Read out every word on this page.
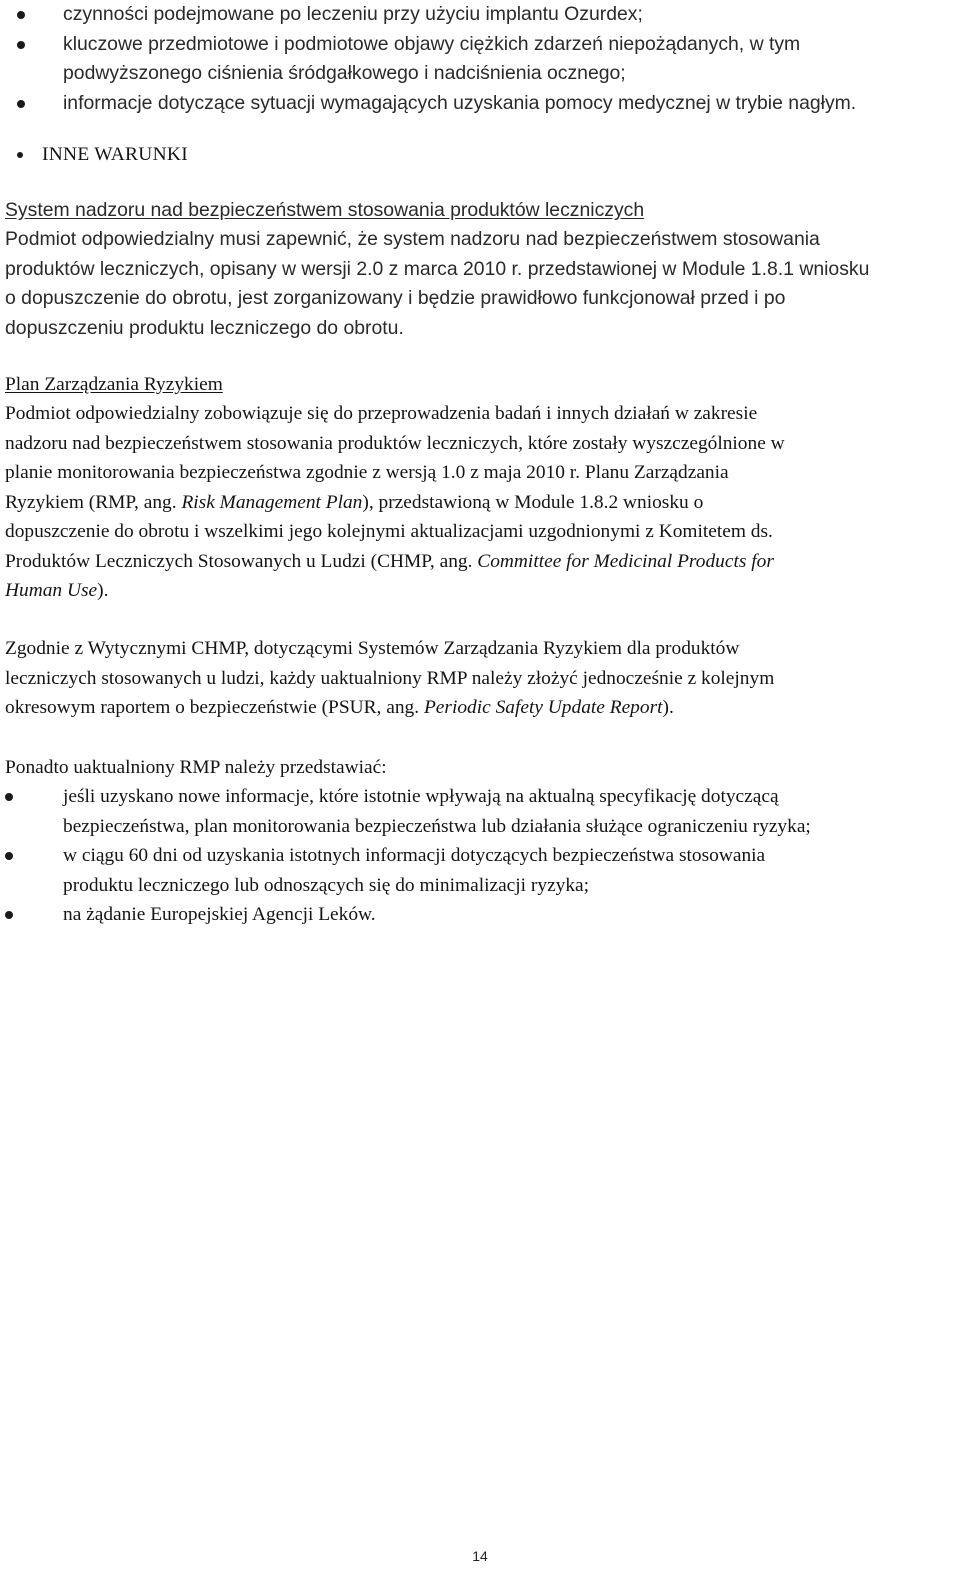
czynności podejmowane po leczeniu przy użyciu implantu Ozurdex;
kluczowe przedmiotowe i podmiotowe objawy ciężkich zdarzeń niepożądanych, w tym
podwyższonego ciśnienia śródgałkowego i nadciśnienia ocznego;
informacje dotyczące sytuacji wymagających uzyskania pomocy medycznej w trybie nagłym.
INNE WARUNKI

System nadzoru nad bezpieczeństwem stosowania produktów leczniczych

Podmiot odpowiedzialny musi zapewnić, że system nadzoru nad bezpieczeństwem stosowania
produktów leczniczych, opisany w wersji 2.0 z marca 2010 r. przedstawionej w Module 1.8.1 wniosku
o dopuszczenie do obrotu, jest zorganizowany i będzie prawidłowo funkcjonował przed i po
dopuszczeniu produktu leczniczego do obrotu.

Plan Zarządzania Ryzykiem

Podmiot odpowiedzialny zobowiązuje się do przeprowadzenia badań i innych działań w zakresie
nadzoru nad bezpieczeństwem stosowania produktów leczniczych, które zostały wyszczególnione w
planie monitorowania bezpieczeństwa zgodnie z wersją 1.0 z maja 2010 r. Planu Zarządzania
Ryzykiem (RMP, ang. Risk Management Plan), przedstawioną w Module 1.8.2 wniosku o
dopuszczenie do obrotu i wszelkimi jego kolejnymi aktualizacjami uzgodnionymi z Komitetem ds.
Produktów Leczniczych Stosowanych u Ludzi (CHMP, ang. Committee for Medicinal Products for
Human Use).
Zgodnie z Wytycznymi CHMP, dotyczącymi Systemów Zarządzania Ryzykiem dla produktów
leczniczych stosowanych u ludzi, każdy uaktualniony RMP należy złożyć jednocześnie z kolejnym
okresowym raportem o bezpieczeństwie (PSUR, ang. Periodic Safety Update Report).

Ponadto uaktualniony RMP należy przedstawiać:

jeśli uzyskano nowe informacje, które istotnie wpływają na aktualną specyfikację dotyczącą
bezpieczeństwa, plan monitorowania bezpieczeństwa lub działania służące ograniczeniu ryzyka;
w ciągu 60 dni od uzyskania istotnych informacji dotyczących bezpieczeństwa stosowania
produktu leczniczego lub odnoszących się do minimalizacji ryzyka;
na żądanie Europejskiej Agencji Leków.
14
